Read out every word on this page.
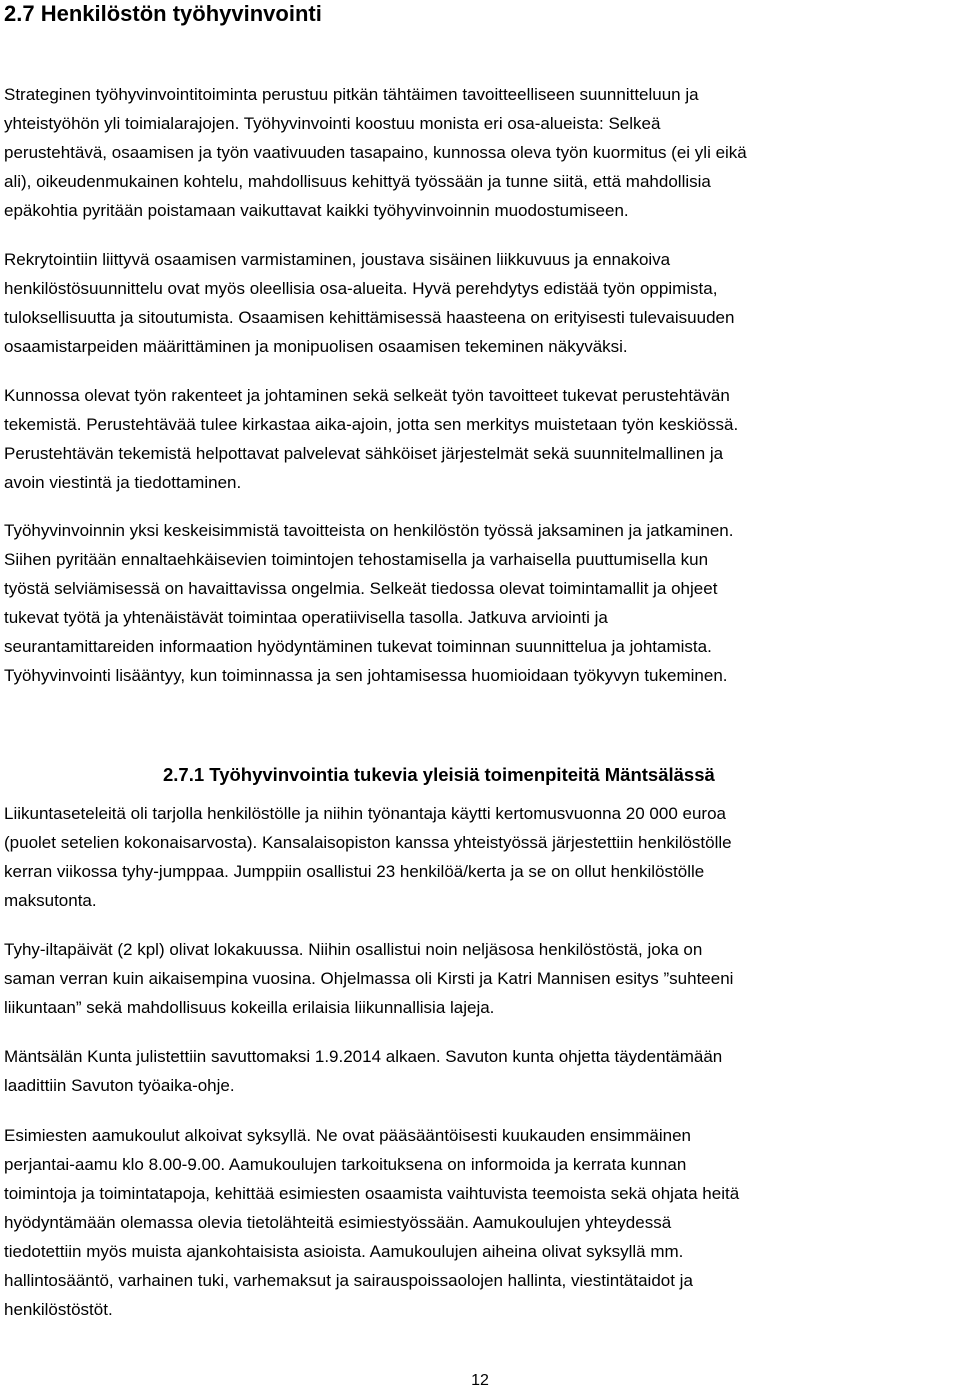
2.7 Henkilöstön työhyvinvointi

Strateginen työhyvinvointitoiminta perustuu pitkän tähtäimen tavoitteelliseen suunnitteluun ja
yhteistyöhön yli toimialarajojen. Työhyvinvointi koostuu monista eri osa-alueista: Selkeä
perustehtävä, osaamisen ja työn vaativuuden tasapaino, kunnossa oleva työn kuormitus (ei yli eikä
ali), oikeudenmukainen kohtelu, mahdollisuus kehittyä työssään ja tunne siitä, että mahdollisia
epäkohtia pyritään poistamaan vaikuttavat kaikki työhyvinvoinnin muodostumiseen.

Rekrytointiin liittyvä osaamisen varmistaminen, joustava sisäinen liikkuvuus ja ennakoiva
henkilöstösuunnittelu ovat myös oleellisia osa-alueita. Hyvä perehdytys edistää työn oppimista,
tuloksellisuutta ja sitoutumista. Osaamisen kehittämisessä haasteena on erityisesti tulevaisuuden
osaamistarpeiden määrittäminen ja monipuolisen osaamisen tekeminen näkyväksi.

Kunnossa olevat työn rakenteet ja johtaminen sekä selkeät työn tavoitteet tukevat perustehtävän
tekemistä. Perustehtävää tulee kirkastaa aika-ajoin, jotta sen merkitys muistetaan työn keskiössä.
Perustehtävän tekemistä helpottavat palvelevat sähköiset järjestelmät sekä suunnitelmallinen ja
avoin viestintä ja tiedottaminen.

Työhyvinvoinnin yksi keskeisimmistä tavoitteista on henkilöstön työssä jaksaminen ja jatkaminen.
Siihen pyritään ennaltaehkäisevien toimintojen tehostamisella ja varhaisella puuttumisella kun
työstä selviämisessä on havaittavissa ongelmia. Selkeät tiedossa olevat toimintamallit ja ohjeet
tukevat työtä ja yhtenäistävät toimintaa operatiivisella tasolla. Jatkuva arviointi ja
seurantamittareiden informaation hyödyntäminen tukevat toiminnan suunnittelua ja johtamista.
Työhyvinvointi lisääntyy, kun toiminnassa ja sen johtamisessa huomioidaan työkyvyn tukeminen.

2.7.1 Työhyvinvointia tukevia yleisiä toimenpiteitä Mäntsälässä

Liikuntaseteleitä oli tarjolla henkilöstölle ja niihin työnantaja käytti kertomusvuonna 20 000 euroa
(puolet setelien kokonaisarvosta). Kansalaisopiston kanssa yhteistyössä järjestettiin henkilöstölle
kerran viikossa tyhy-jumppaa. Jumppiin osallistui 23 henkilöä/kerta ja se on ollut henkilöstölle
maksutonta.

Tyhy-iltapäivät (2 kpl) olivat lokakuussa. Niihin osallistui noin neljäsosa henkilöstöstä, joka on
saman verran kuin aikaisempina vuosina. Ohjelmassa oli Kirsti ja Katri Mannisen esitys ”suhteeni
liikuntaan” sekä mahdollisuus kokeilla erilaisia liikunnallisia lajeja.

Mäntsälän Kunta julistettiin savuttomaksi 1.9.2014 alkaen. Savuton kunta ohjetta täydentämään
laadittiin Savuton työaika-ohje.

Esimiesten aamukoulut alkoivat syksyllä. Ne ovat pääsääntöisesti kuukauden ensimmäinen
perjantai-aamu klo 8.00-9.00. Aamukoulujen tarkoituksena on informoida ja kerrata kunnan
toimintoja ja toimintatapoja, kehittää esimiesten osaamista vaihtuvista teemoista sekä ohjata heitä
hyödyntämään olemassa olevia tietolähteitä esimiestyössään. Aamukoulujen yhteydessä
tiedotettiin myös muista ajankohtaisista asioista. Aamukoulujen aiheina olivat syksyllä mm.
hallintosääntö, varhainen tuki, varhemaksut ja sairauspoissaolojen hallinta, viestintätaidot ja
henkilöstöstöt.

12
